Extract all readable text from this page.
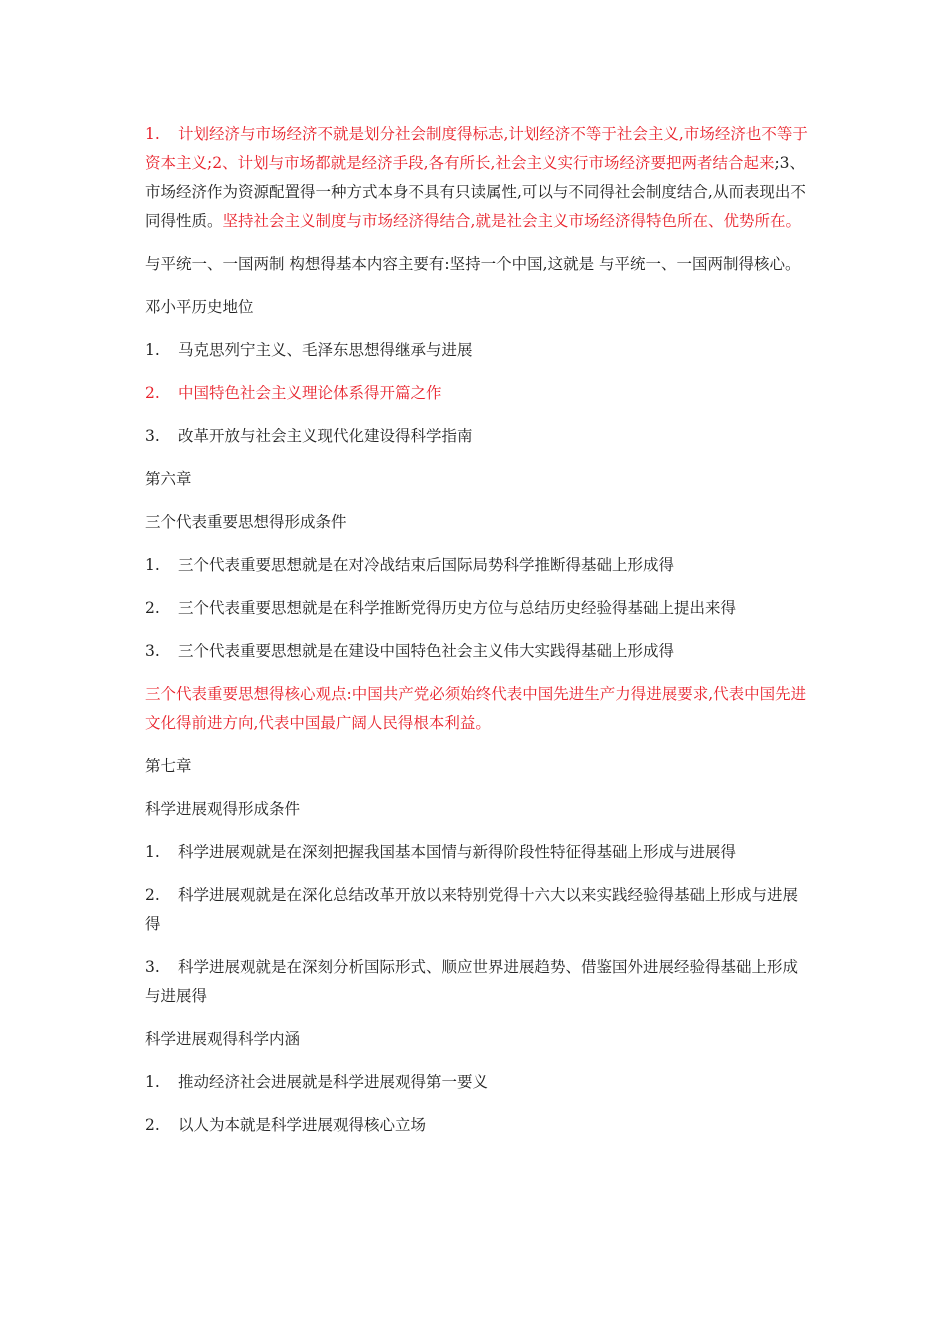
1. 计划经济与市场经济不就是划分社会制度得标志,计划经济不等于社会主义,市场经济也不等于资本主义;2、计划与市场都就是经济手段,各有所长,社会主义实行市场经济要把两者结合起来;3、市场经济作为资源配置得一种方式本身不具有只读属性,可以与不同得社会制度结合,从而表现出不同得性质。坚持社会主义制度与市场经济得结合,就是社会主义市场经济得特色所在、优势所在。

与平统一、一国两制 构想得基本内容主要有:坚持一个中国,这就是 与平统一、一国两制得核心。

邓小平历史地位

1. 马克思列宁主义、毛泽东思想得继承与进展

2. 中国特色社会主义理论体系得开篇之作

3. 改革开放与社会主义现代化建设得科学指南

第六章

三个代表重要思想得形成条件

1. 三个代表重要思想就是在对冷战结束后国际局势科学推断得基础上形成得

2. 三个代表重要思想就是在科学推断党得历史方位与总结历史经验得基础上提出来得

3. 三个代表重要思想就是在建设中国特色社会主义伟大实践得基础上形成得

三个代表重要思想得核心观点:中国共产党必须始终代表中国先进生产力得进展要求,代表中国先进文化得前进方向,代表中国最广阔人民得根本利益。

第七章

科学进展观得形成条件

1. 科学进展观就是在深刻把握我国基本国情与新得阶段性特征得基础上形成与进展得

2. 科学进展观就是在深化总结改革开放以来特别党得十六大以来实践经验得基础上形成与进展得

3. 科学进展观就是在深刻分析国际形式、顺应世界进展趋势、借鉴国外进展经验得基础上形成与进展得

科学进展观得科学内涵

1. 推动经济社会进展就是科学进展观得第一要义

2. 以人为本就是科学进展观得核心立场
